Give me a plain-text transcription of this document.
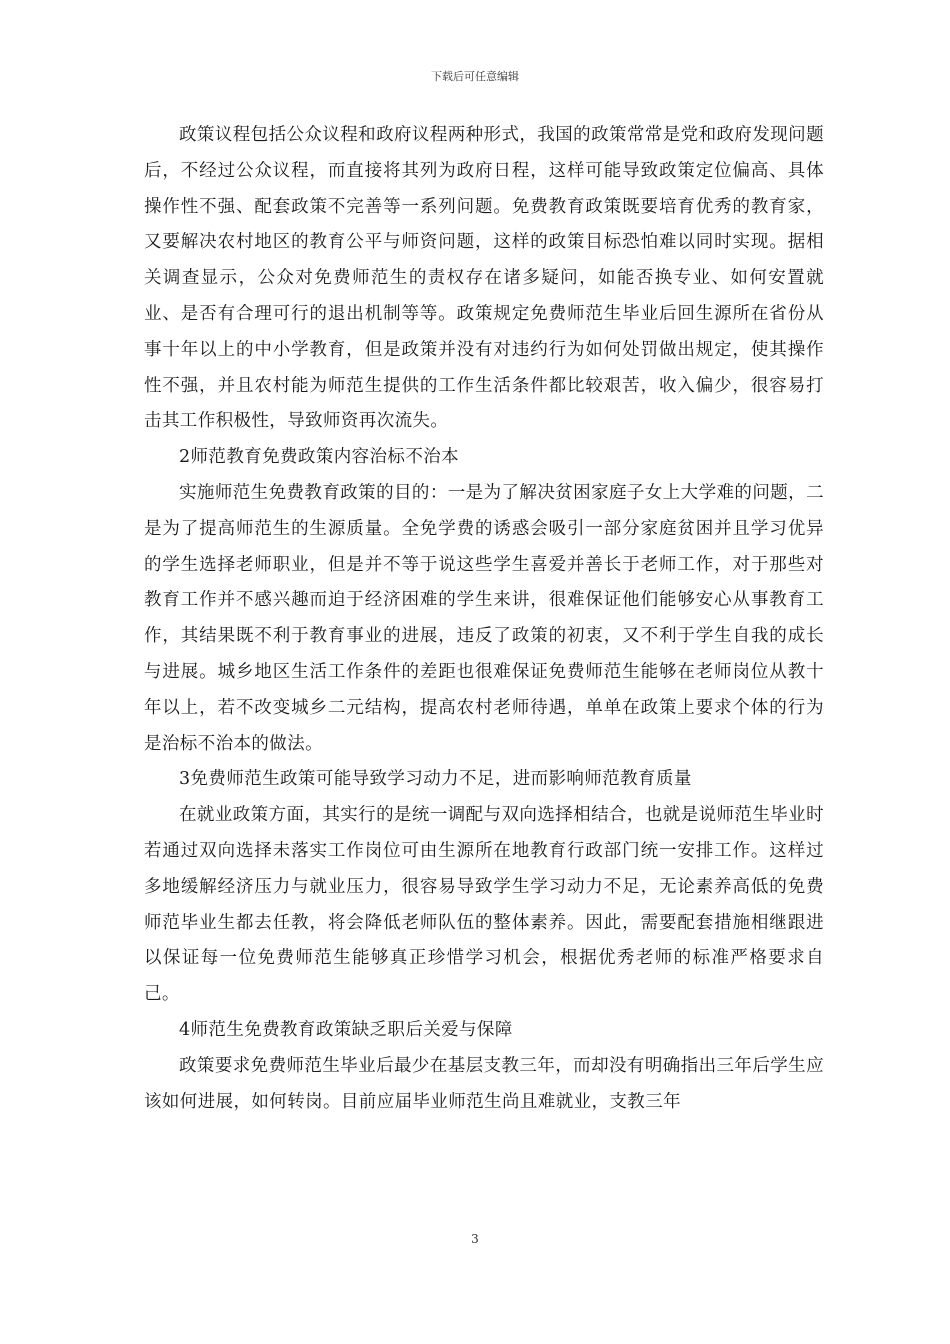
下载后可任意编辑

政策议程包括公众议程和政府议程两种形式，我国的政策常常是党和政府发现问题后，不经过公众议程，而直接将其列为政府日程，这样可能导致政策定位偏高、具体操作性不强、配套政策不完善等一系列问题。免费教育政策既要培育优秀的教育家，又要解决农村地区的教育公平与师资问题，这样的政策目标恐怕难以同时实现。据相关调查显示，公众对免费师范生的责权存在诸多疑问，如能否换专业、如何安置就业、是否有合理可行的退出机制等等。政策规定免费师范生毕业后回生源所在省份从事十年以上的中小学教育，但是政策并没有对违约行为如何处罚做出规定，使其操作性不强，并且农村能为师范生提供的工作生活条件都比较艰苦，收入偏少，很容易打击其工作积极性，导致师资再次流失。

2师范教育免费政策内容治标不治本

实施师范生免费教育政策的目的：一是为了解决贫困家庭子女上大学难的问题，二是为了提高师范生的生源质量。全免学费的诱惑会吸引一部分家庭贫困并且学习优异的学生选择老师职业，但是并不等于说这些学生喜爱并善长于老师工作，对于那些对教育工作并不感兴趣而迫于经济困难的学生来讲，很难保证他们能够安心从事教育工作，其结果既不利于教育事业的进展，违反了政策的初衷，又不利于学生自我的成长与进展。城乡地区生活工作条件的差距也很难保证免费师范生能够在老师岗位从教十年以上，若不改变城乡二元结构，提高农村老师待遇，单单在政策上要求个体的行为是治标不治本的做法。

3免费师范生政策可能导致学习动力不足，进而影响师范教育质量

在就业政策方面，其实行的是统一调配与双向选择相结合，也就是说师范生毕业时若通过双向选择未落实工作岗位可由生源所在地教育行政部门统一安排工作。这样过多地缓解经济压力与就业压力，很容易导致学生学习动力不足，无论素养高低的免费师范毕业生都去任教，将会降低老师队伍的整体素养。因此，需要配套措施相继跟进以保证每一位免费师范生能够真正珍惜学习机会，根据优秀老师的标准严格要求自己。

4师范生免费教育政策缺乏职后关爱与保障

政策要求免费师范生毕业后最少在基层支教三年，而却没有明确指出三年后学生应该如何进展，如何转岗。目前应届毕业师范生尚且难就业，支教三年

3
